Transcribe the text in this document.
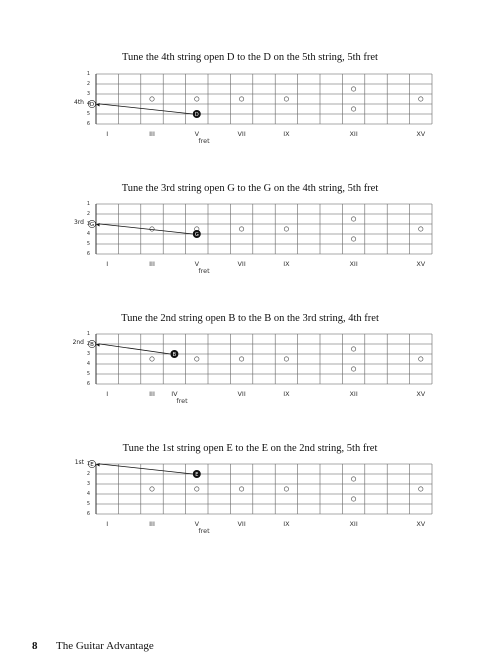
Tune the 4th string open D to the D on the 5th string, 5th fret
D
D
4th
fret
Tune the 3rd string open G to the G on the 4th string, 5th fret
G
G
3rd
fret
Tune the 2nd string open B to the B on the 3rd string, 4th fret
B
B
2nd
fret
Tune the 1st string open E to the E on the 2nd string, 5th fret
E
E
1st
fret
8 The Guitar Advantage
1
2
3
4
5
6
I	III	V	VII	IX	XII	XV
1
2
3
4
5
6
I	III	V	VII	IX	XII	XV
1
2
3
4
5
6
I	III	IV	VII	IX	XII	XV
1
2
3
4
5
6
I	III	V	VII	IX	XII	XV
